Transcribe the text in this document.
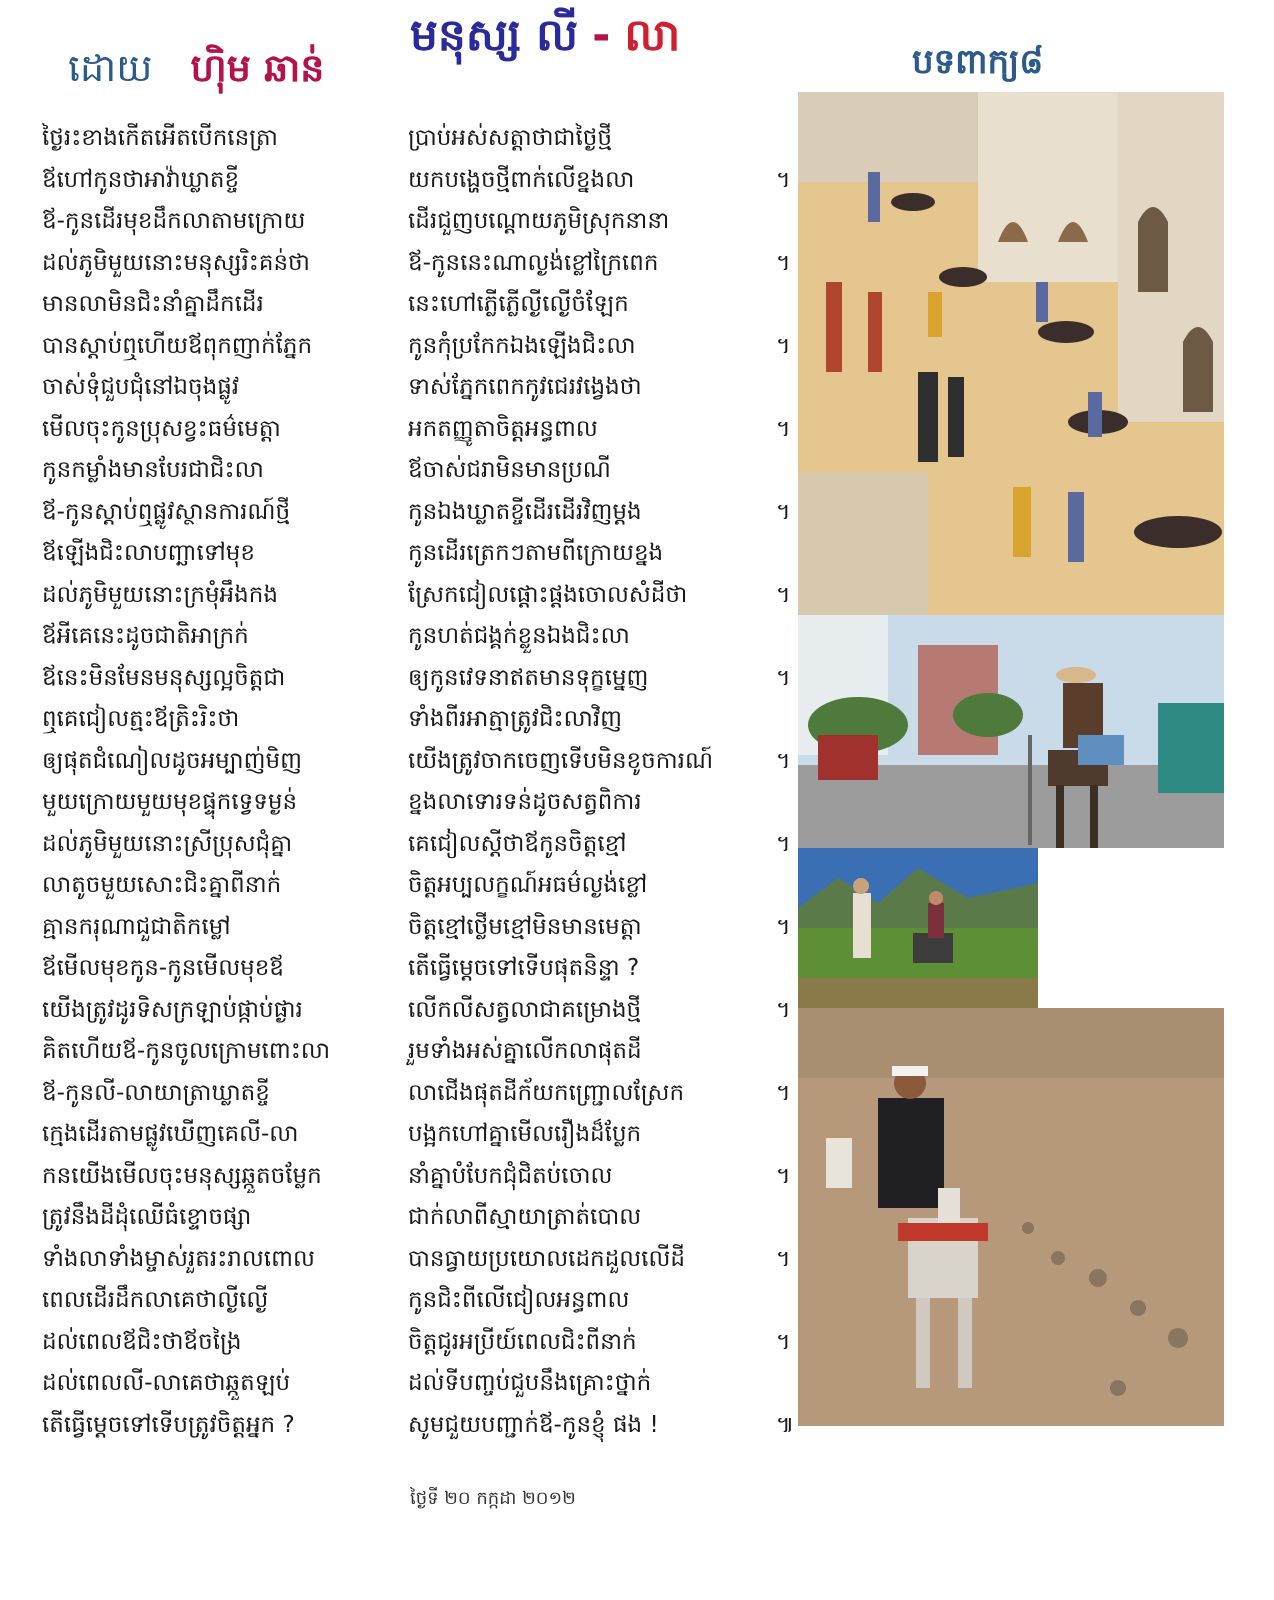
ដោយ ហ៊ិម ឆាន់
មនុស្ស លី - លា
បទពាក្យ៨
ថ្ងៃរះខាងកើតអើតបើកនេត្រា	ប្រាប់អស់សត្តាថាជាថ្ងៃថ្មី
ឪហៅកូនថាអាវ៉ាឃ្លាតខ្ចី	យកបង្ហេចថ្មីពាក់លើខ្នងលា	។
ឪ-កូនដើរមុខដឹកលាតាមក្រោយ	ដើរជួញបណ្តោយភូមិស្រុកនានា
ដល់ភូមិមួយនោះមនុស្សរិះគន់ថា	ឪ-កូននេះណាល្ងង់ខ្លៅក្រៃពេក	។
មានលាមិនជិះនាំគ្នាដឹកដើរ	នេះហៅភ្លើភ្លើល្ងីល្ងើចំឡែក
បានស្តាប់ឮហើយឪពុកញាក់ភ្នែក	កូនកុំប្រកែកឯងឡើងជិះលា	។
ចាស់ទុំជួបជុំនៅឯចុងផ្លូវ	ទាស់ភ្នែកពេកកូវជេរវង្វេងថា
មើលចុះកូនប្រុសខ្វះធម៌មេត្តា	អកតញ្ញូតាចិត្តអន្ធពាល	។
កូនកម្លាំងមានបែរជាជិះលា	ឪចាស់ជរាមិនមានប្រណី
ឪ-កូនស្តាប់ឮផ្លូវស្ថានការណ៍ថ្មី	កូនឯងឃ្លាតខ្ចីដើរដើរវិញម្តង	។
ឪឡើងជិះលាបញ្ឆាទៅមុខ	កូនដើរត្រេកៗតាមពីក្រោយខ្នង
ដល់ភូមិមួយនោះក្រមុំអឹងកង	ស្រែកជៀលផ្តោះផ្តងចោលសំដីថា	។
ឪអីគេនេះដូចជាតិអាក្រក់	កូនហត់ជង្គក់ខ្លួនឯងជិះលា
ឪនេះមិនមែនមនុស្សល្អចិត្តជា	ឲ្យកូនវេទនាឥតមានទុក្ខម្នេញ	។
ឮគេជៀលត្មះឪត្រិះរិះថា	ទាំងពីរអាត្មាត្រូវជិះលាវិញ
ឲ្យផុតជំណៀលដូចអម្បាញ់មិញ	យើងត្រូវចាកចេញទើបមិនខូចការណ៍	។
មួយក្រោយមួយមុខផ្ទុកទ្វេទម្ងន់	ខ្នងលាទោរទន់ដូចសត្វពិការ
ដល់ភូមិមួយនោះស្រីប្រុសជុំគ្នា	គេជៀលស្តីថាឪកូនចិត្តខ្មៅ	។
លាតូចមួយសោះជិះគ្នាពីនាក់	ចិត្តអប្បលក្ខណ៍អធម៌ល្ងង់ខ្លៅ
គ្មានករុណាជួជាតិកម្លៅ	ចិត្តខ្មៅថ្លើមខ្មៅមិនមានមេត្តា	។
ឪមើលមុខកូន-កូនមើលមុខឪ	តើធ្វើម្តេចទៅទើបផុតនិន្ទា ?
យើងត្រូវដូរទិសក្រឡាប់ផ្កាប់ផ្ងារ	លើកលីសត្វលាជាគម្រោងថ្មី	។
គិតហើយឪ-កូនចូលក្រោមពោះលា	រួមទាំងអស់គ្នាលើកលាផុតដី
ឪ-កូនលី-លាយាត្រាឃ្លាតខ្ចី	លាជើងផុតដីក័យកញ្ជ្រោលស្រែក	។
ក្មេងដើរតាមផ្លូវឃើញគេលី-លា	បង្អកហៅគ្នាមើលរឿងដ៏ប្លែក
កនយើងមើលចុះមនុស្សឆ្កួតចម្លែក	នាំគ្នាបំបែកជុំជិតប់ចោល	។
ត្រូវនឹងដីដុំឈើធំខ្ទោចផ្សា	ជាក់លាពីស្មាយាត្រាត់បោល
ទាំងលាទាំងម្ចាស់រួតរះរាលពោល	បានធ្វាយប្រយោលដេកដួលលើដី	។
ពេលដើរដឹកលាគេថាល្ងីល្ងើ	កូនជិះពីលើជៀលអន្ធពាល
ដល់ពេលឪជិះថាឪចង្រៃ	ចិត្តជូរអប្រីយ៍ពេលជិះពីនាក់	។
ដល់ពេលលី-លាគេថាឆ្កួតឡប់	ដល់ទីបញ្ចប់ជួបនឹងគ្រោះថ្នាក់
តើធ្វើម្តេចទៅទើបត្រូវចិត្តអ្នក ?	សូមជួយបញ្ជាក់ឪ-កូនខ្ញុំ ផង !	៕
ថ្ងៃទី ២០ កក្កដា ២០១២
